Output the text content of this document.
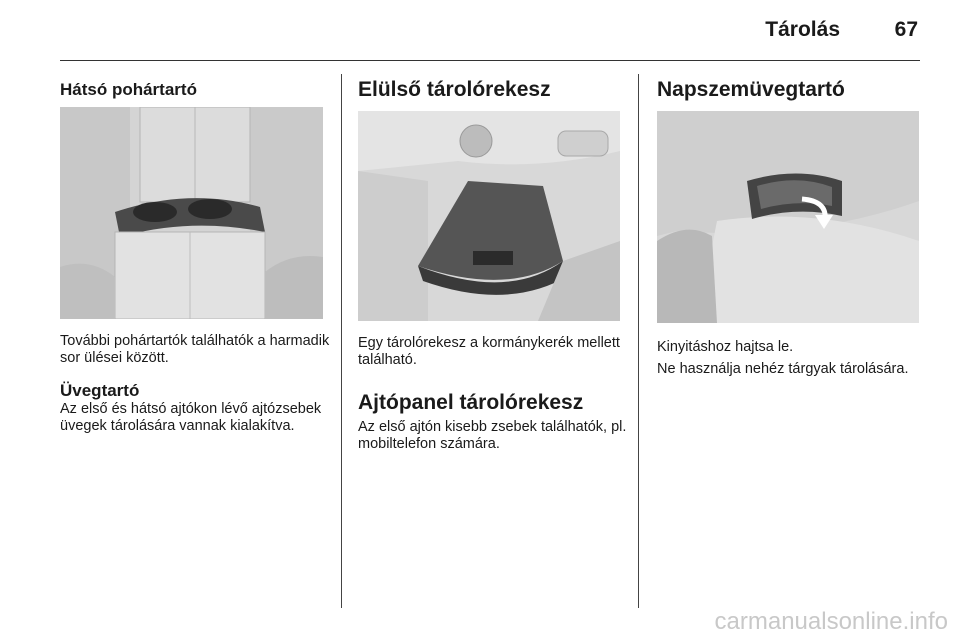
Tárolás	67
Hátsó pohártartó

További pohártartók találhatók a harmadik sor ülései között.

Üvegtartó

Az első és hátsó ajtókon lévő ajtózsebek üvegek tárolására vannak kialakítva.

Elülső tárolórekesz

Egy tárolórekesz a kormánykerék mellett található.

Ajtópanel tárolórekesz

Az első ajtón kisebb zsebek találhatók, pl. mobiltelefon számára.

Napszemüvegtartó

Kinyitáshoz hajtsa le.

Ne használja nehéz tárgyak tárolására.

carmanualsonline.info
